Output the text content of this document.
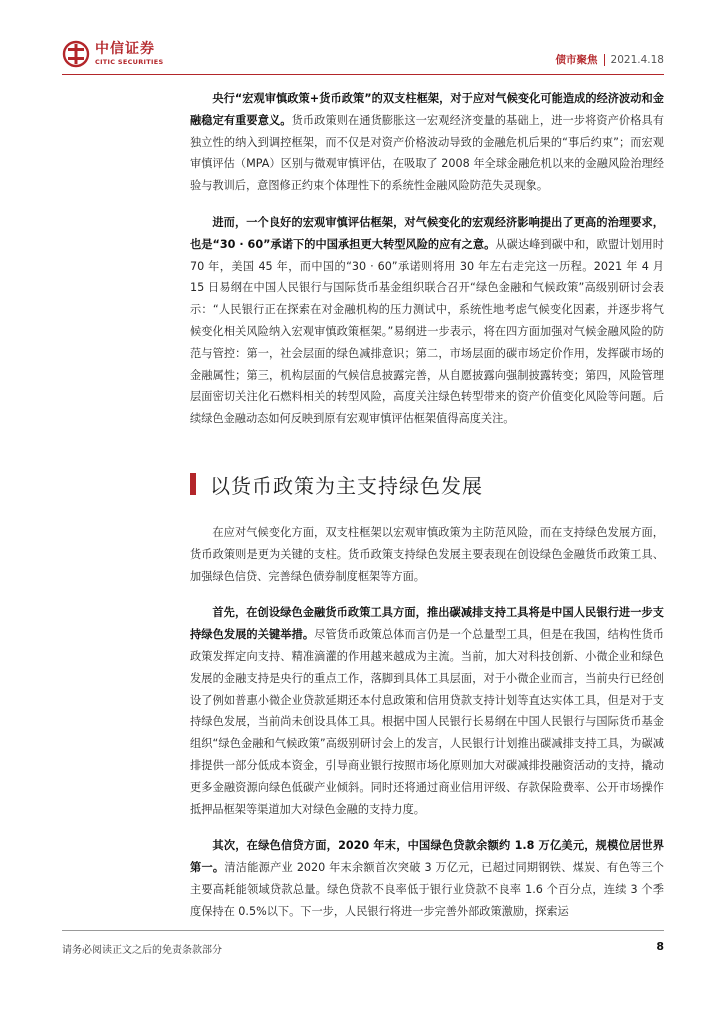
中信证券
CITIC SECURITIES	债市聚焦 2021.4.18

央行“宏观审慎政策+货币政策”的双支柱框架，对于应对气候变化可能造成的经济波动和金融稳定有重要意义。货币政策则在通货膨胀这一宏观经济变量的基础上，进一步将资产价格具有独立性的纳入到调控框架，而不仅是对资产价格波动导致的金融危机后果的“事后约束”；而宏观审慎评估（MPA）区别与微观审慎评估，在吸取了 2008 年全球金融危机以来的金融风险治理经验与教训后，意图修正约束个体理性下的系统性金融风险防范失灵现象。

进而，一个良好的宏观审慎评估框架，对气候变化的宏观经济影响提出了更高的治理要求，也是“30 · 60”承诺下的中国承担更大转型风险的应有之意。从碳达峰到碳中和，欧盟计划用时 70 年，美国 45 年，而中国的“30 · 60”承诺则将用 30 年左右走完这一历程。2021 年 4 月 15 日易纲在中国人民银行与国际货币基金组织联合召开“绿色金融和气候政策”高级别研讨会表示：“人民银行正在探索在对金融机构的压力测试中，系统性地考虑气候变化因素，并逐步将气候变化相关风险纳入宏观审慎政策框架。”易纲进一步表示，将在四方面加强对气候金融风险的防范与管控：第一，社会层面的绿色减排意识；第二，市场层面的碳市场定价作用，发挥碳市场的金融属性；第三，机构层面的气候信息披露完善，从自愿披露向强制披露转变；第四，风险管理层面密切关注化石燃料相关的转型风险，高度关注绿色转型带来的资产价值变化风险等问题。后续绿色金融动态如何反映到原有宏观审慎评估框架值得高度关注。

以货币政策为主支持绿色发展

在应对气候变化方面，双支柱框架以宏观审慎政策为主防范风险，而在支持绿色发展方面，货币政策则是更为关键的支柱。货币政策支持绿色发展主要表现在创设绿色金融货币政策工具、加强绿色信贷、完善绿色债券制度框架等方面。

首先，在创设绿色金融货币政策工具方面，推出碳减排支持工具将是中国人民银行进一步支持绿色发展的关键举措。尽管货币政策总体而言仍是一个总量型工具，但是在我国，结构性货币政策发挥定向支持、精准滴灌的作用越来越成为主流。当前，加大对科技创新、小微企业和绿色发展的金融支持是央行的重点工作，落脚到具体工具层面，对于小微企业而言，当前央行已经创设了例如普惠小微企业贷款延期还本付息政策和信用贷款支持计划等直达实体工具，但是对于支持绿色发展，当前尚未创设具体工具。根据中国人民银行长易纲在中国人民银行与国际货币基金组织“绿色金融和气候政策”高级别研讨会上的发言，人民银行计划推出碳减排支持工具，为碳减排提供一部分低成本资金，引导商业银行按照市场化原则加大对碳减排投融资活动的支持，撬动更多金融资源向绿色低碳产业倾斜。同时还将通过商业信用评级、存款保险费率、公开市场操作抵押品框架等渠道加大对绿色金融的支持力度。

其次，在绿色信贷方面，2020 年末，中国绿色贷款余额约 1.8 万亿美元，规模位居世界第一。清洁能源产业 2020 年末余额首次突破 3 万亿元，已超过同期钢铁、煤炭、有色等三个主要高耗能领域贷款总量。绿色贷款不良率低于银行业贷款不良率 1.6 个百分点，连续 3 个季度保持在 0.5%以下。下一步，人民银行将进一步完善外部政策激励，探索运

请务必阅读正文之后的免责条款部分	8
